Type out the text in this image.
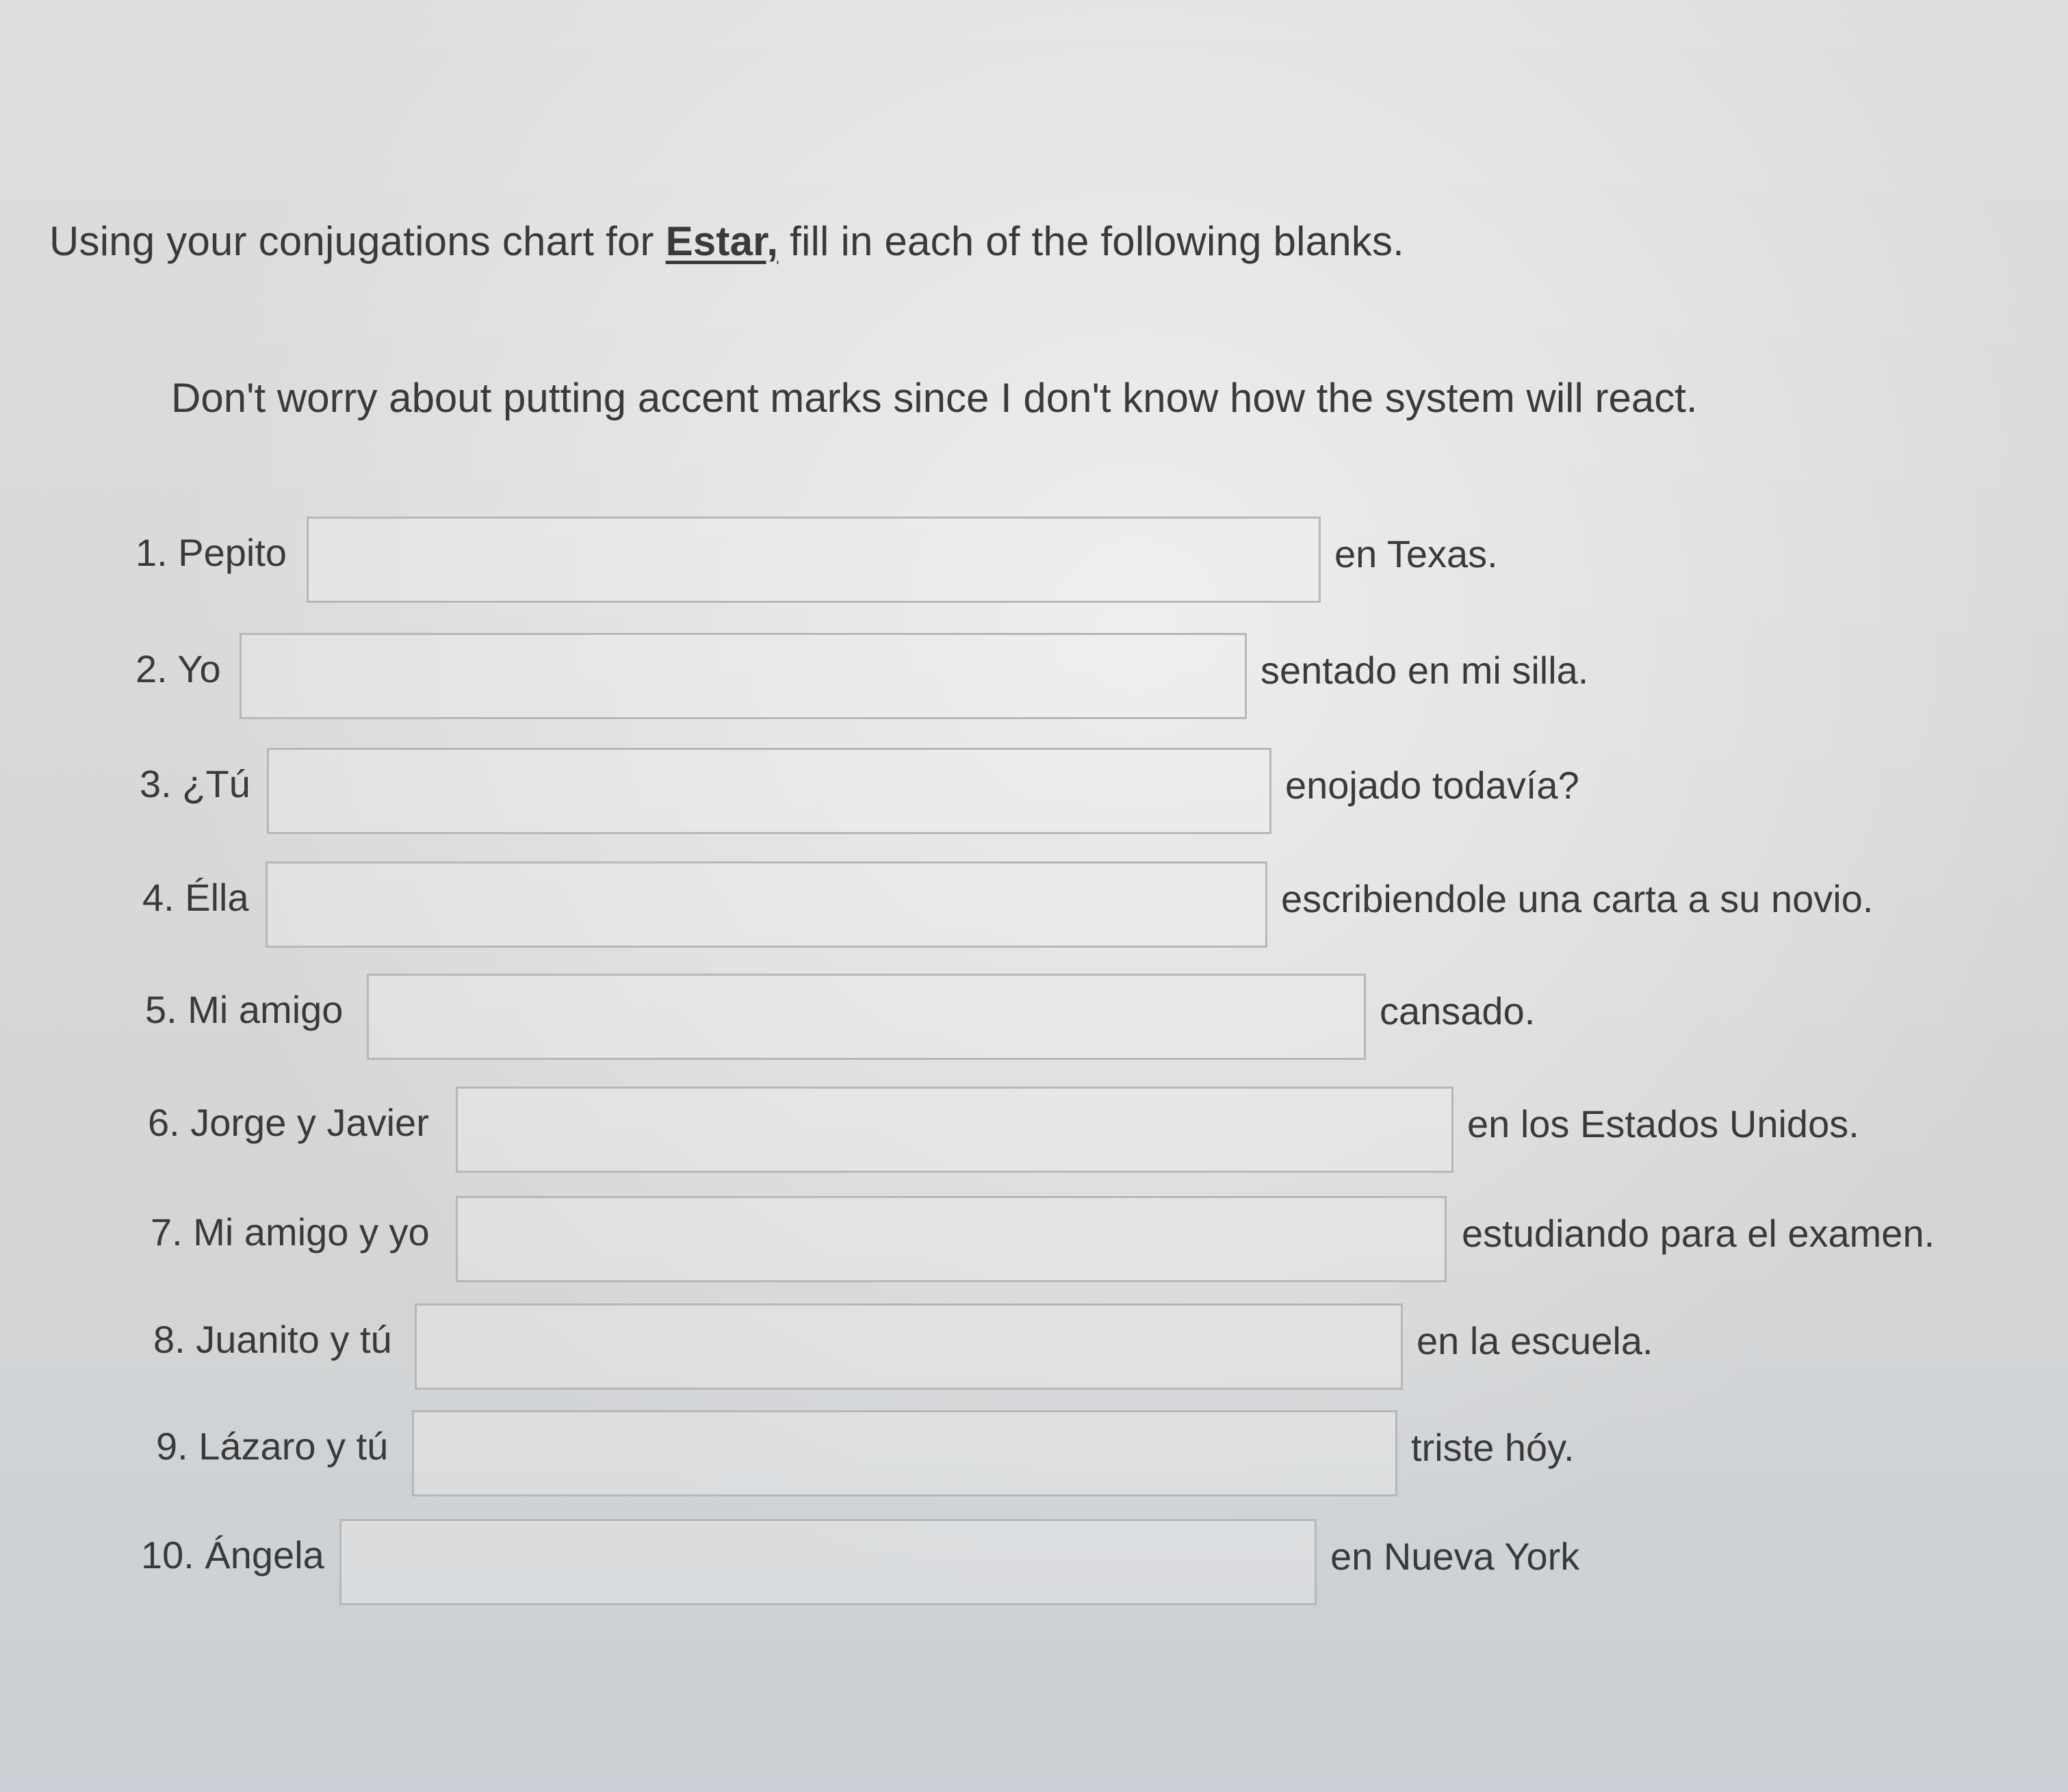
Using your conjugations chart for Estar, fill in each of the following blanks.
Don't worry about putting accent marks since I don't know how the system will react.
1. Pepito	en Texas.
2. Yo	sentado en mi silla.
3. ¿Tú	enojado todavía?
4. Élla	escribiendole una carta a su novio.
5. Mi amigo	cansado.
6. Jorge y Javier	en los Estados Unidos.
7. Mi amigo y yo	estudiando para el examen.
8. Juanito y tú	en la escuela.
9. Lázaro y tú	triste hóy.
10. Ángela	en Nueva York
